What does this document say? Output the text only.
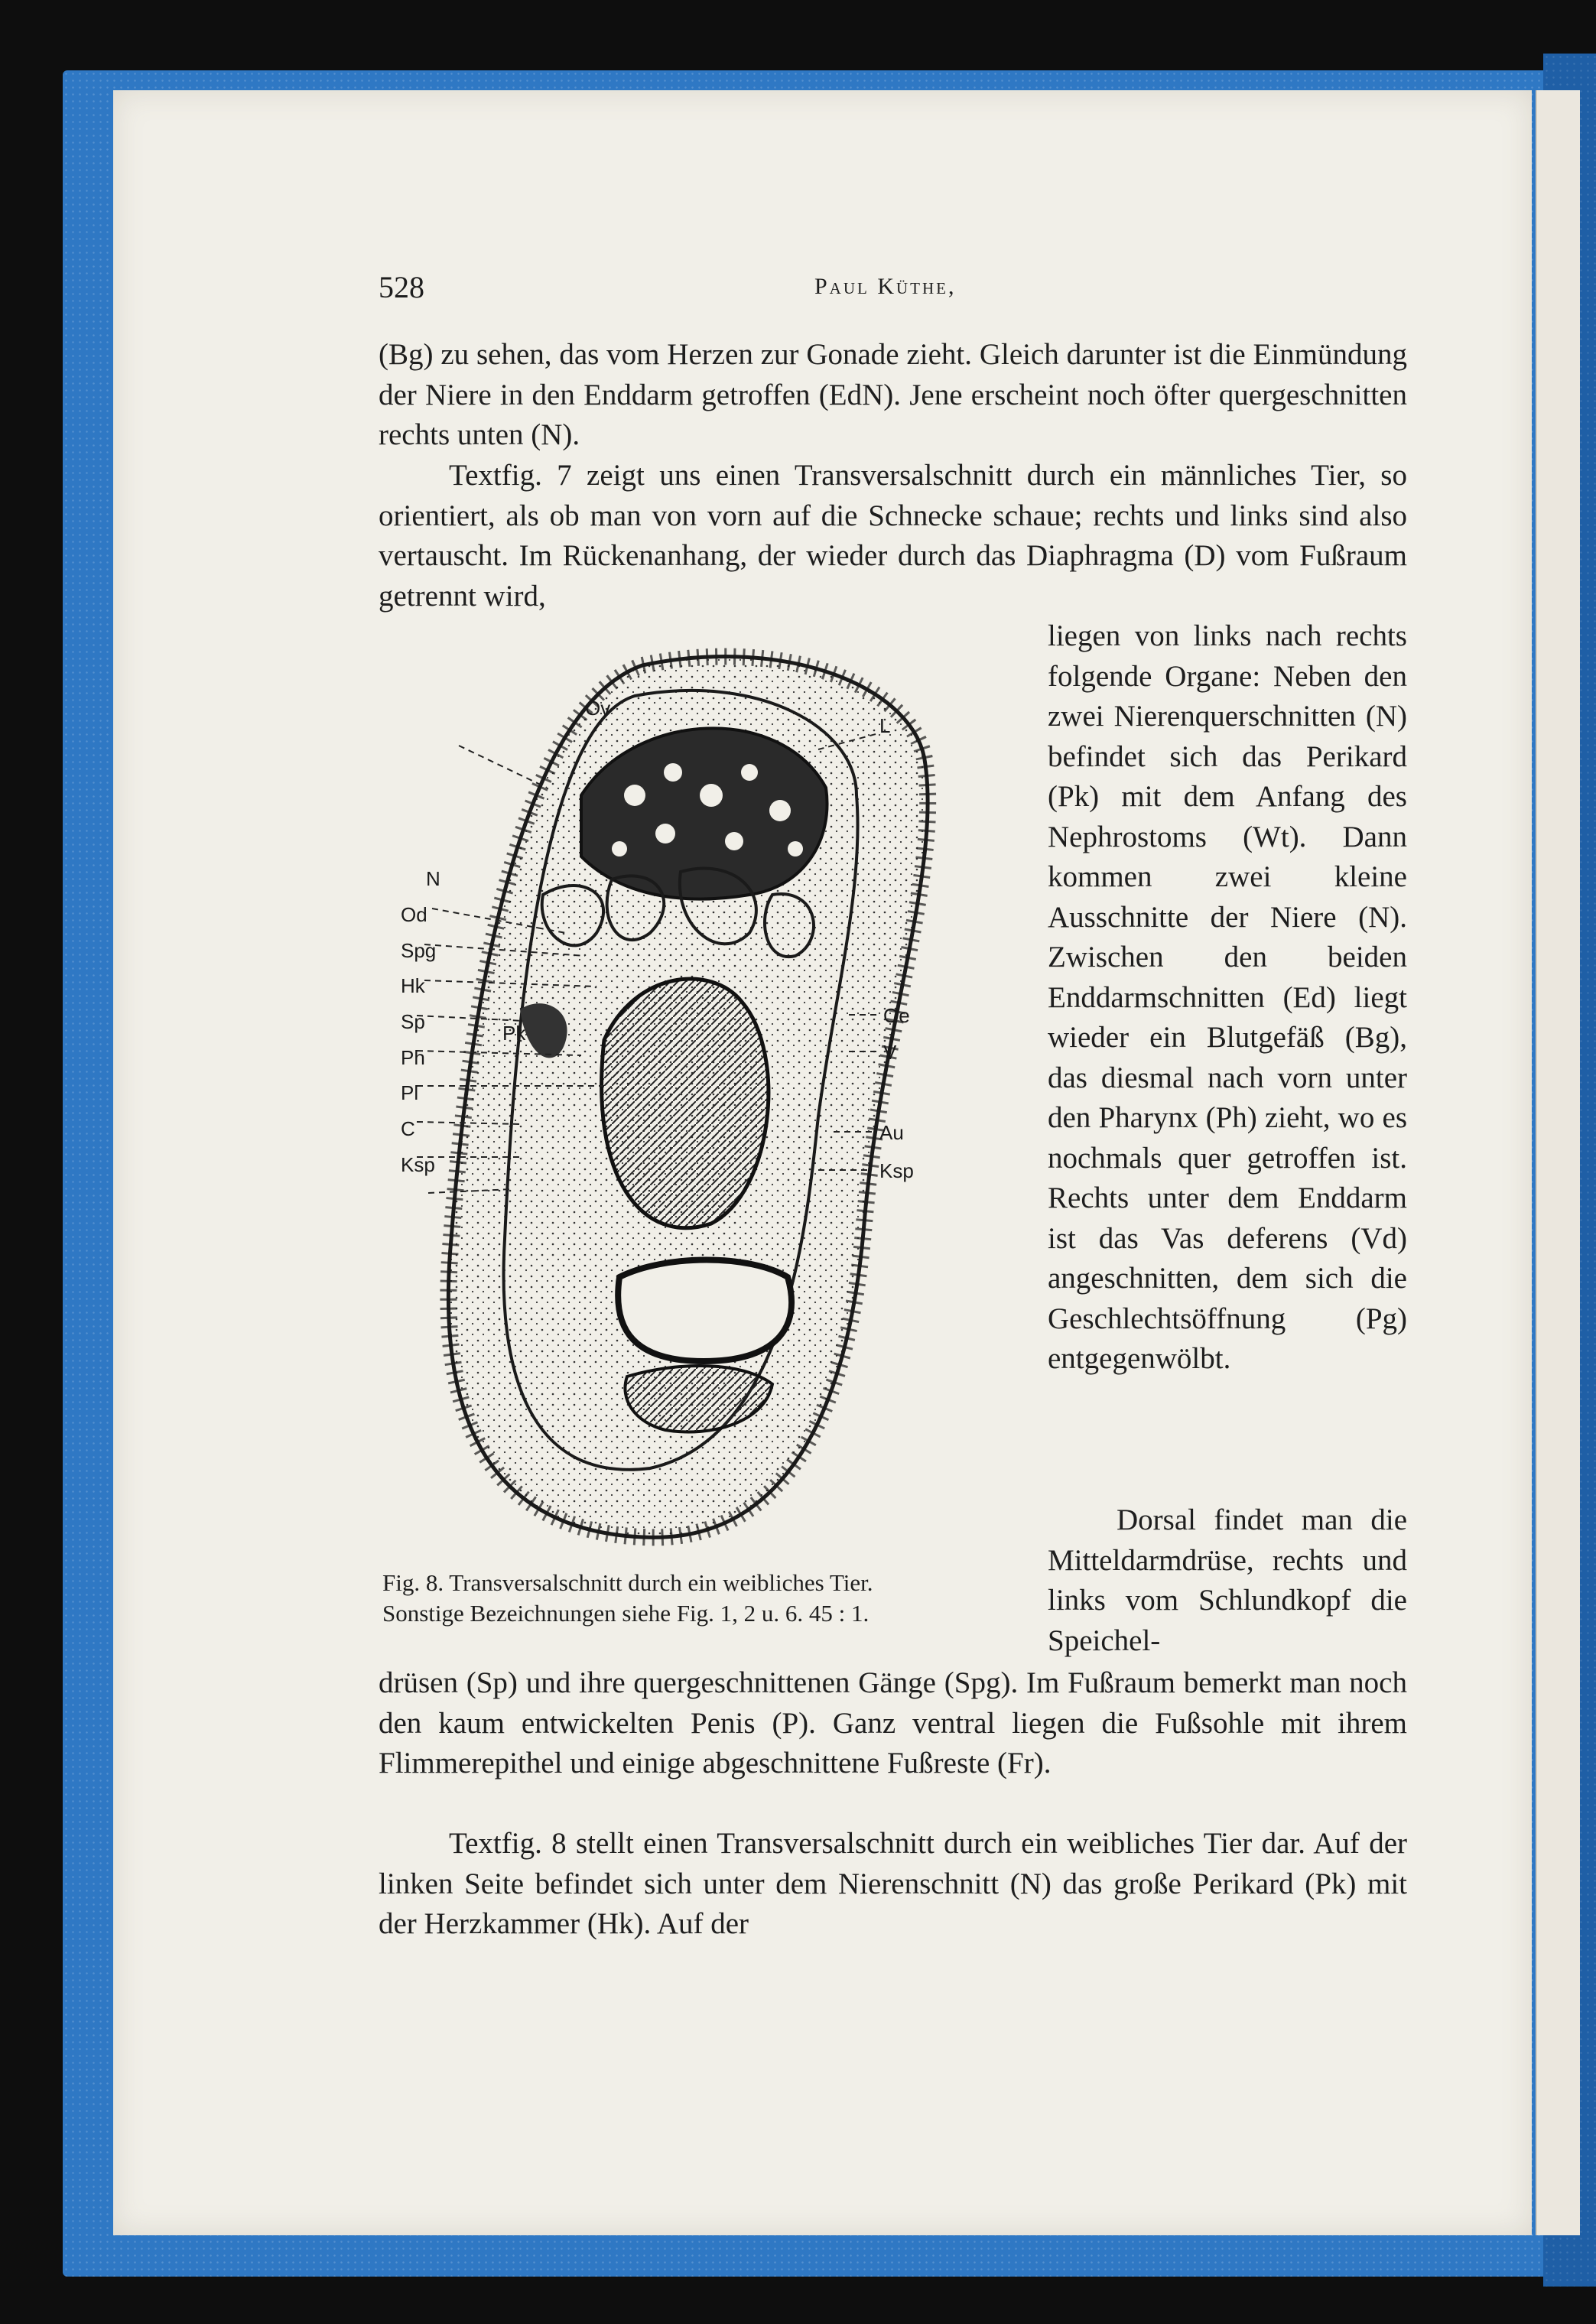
528	Paul Küthe,

(Bg) zu sehen, das vom Herzen zur Gonade zieht. Gleich darunter ist die Einmündung der Niere in den Enddarm getroffen (EdN). Jene erscheint noch öfter quergeschnitten rechts unten (N).

Textfig. 7 zeigt uns einen Transversalschnitt durch ein männliches Tier, so orientiert, als ob man von vorn auf die Schnecke schaue; rechts und links sind also vertauscht. Im Rückenanhang, der wieder durch das Diaphragma (D) vom Fußraum getrennt wird,

liegen von links nach rechts folgende Organe: Neben den zwei Nierenquerschnitten (N) befindet sich das Perikard (Pk) mit dem Anfang des Nephrostoms (Wt). Dann kommen zwei kleine Ausschnitte der Niere (N). Zwischen den beiden Enddarmschnitten (Ed) liegt wieder ein Blutgefäß (Bg), das diesmal nach vorn unter den Pharynx (Ph) zieht, wo es nochmals quer getroffen ist. Rechts unter dem Enddarm ist das Vas deferens (Vd) angeschnitten, dem sich die Geschlechtsöffnung (Pg) entgegenwölbt.

Dorsal findet man die Mitteldarmdrüse, rechts und links vom Schlundkopf die Speichel-

drüsen (Sp) und ihre quergeschnittenen Gänge (Spg). Im Fußraum bemerkt man noch den kaum entwickelten Penis (P). Ganz ventral liegen die Fußsohle mit ihrem Flimmerepithel und einige abgeschnittene Fußreste (Fr).

Textfig. 8 stellt einen Transversalschnitt durch ein weibliches Tier dar. Auf der linken Seite befindet sich unter dem Nierenschnitt (N) das große Perikard (Pk) mit der Herzkammer (Hk). Auf der

Ov
L
N
Od
Spg
Hk
Sp
Ph
Pl
C
Ksp
Pk
Oe
V
Au
Ksp
Fig. 8. Transversalschnitt durch ein weibliches Tier.
Sonstige Bezeichnungen siehe Fig. 1, 2 u. 6. 45 : 1.
